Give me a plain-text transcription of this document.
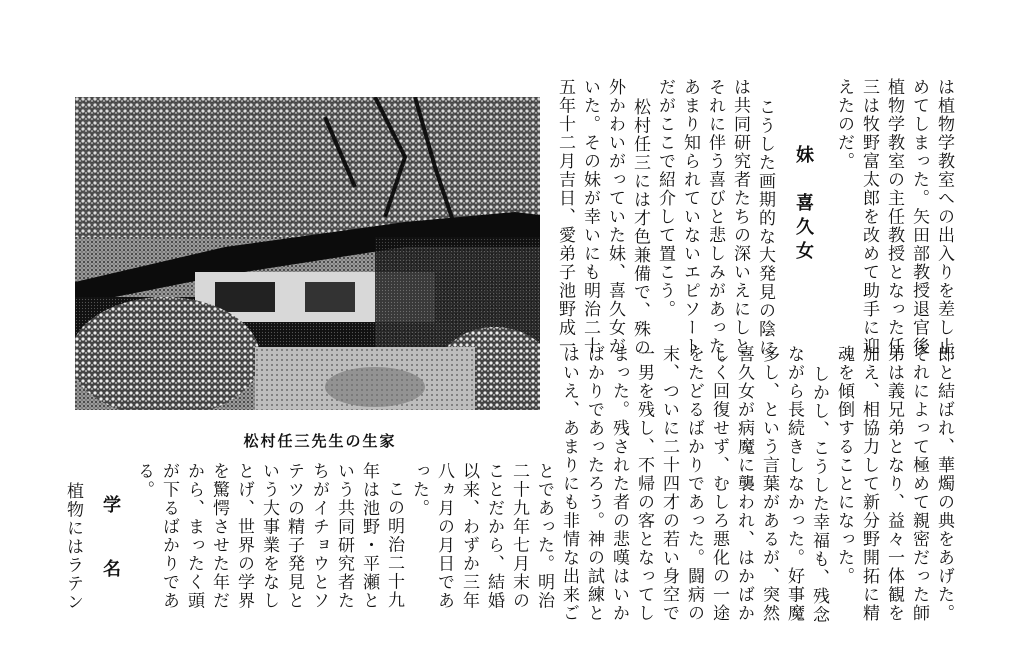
は植物学教室への出入りを差し止
めてしまった。矢田部教授退官後
植物学教室の主任教授となった任
三は牧野富太郎を改めて助手に迎
えたのだ。
妹　喜久女
こうした画期的な大発見の陰に
は共同研究者たちの深いえにしと
それに伴う喜びと悲しみがあった。
あまり知られていないエピソート
だがここで紹介して置こう。
松村任三には才色兼備で、殊の
外かわいがっていた妹、喜久女が
いた。その妹が幸いにも明治二十
五年十二月吉日、愛弟子池野成一
郎と結ばれ、華燭の典をあげた。
それによって極めて親密だった師
弟は義兄弟となり、益々一体観を
加え、相協力して新分野開拓に精
魂を傾倒することになった。
しかし、こうした幸福も、残念
ながら長続きしなかった。好事魔
多し、という言葉があるが、突然
喜久女が病魔に襲われ、はかばか
しく回復せず、むしろ悪化の一途
をたどるばかりであった。闘病の
末、ついに二十四才の若い身空で
一男を残し、不帰の客となってし
まった。残された者の悲嘆はいか
ばかりであったろう。神の試練と
はいえ、あまりにも非情な出来ご
とであった。明治
二十九年七月末の
ことだから、結婚
以来、わずか三年
八ヵ月の月日であ
った。
松村任三先生の生家
この明治二十九
年は池野・平瀬と
いう共同研究者た
ちがイチョウとソ
テツの精子発見と
いう大事業をなし
とげ、世界の学界
を驚愕させた年だ
から、まったく頭
が下るばかりであ
る。
学　名
植物にはラテン
